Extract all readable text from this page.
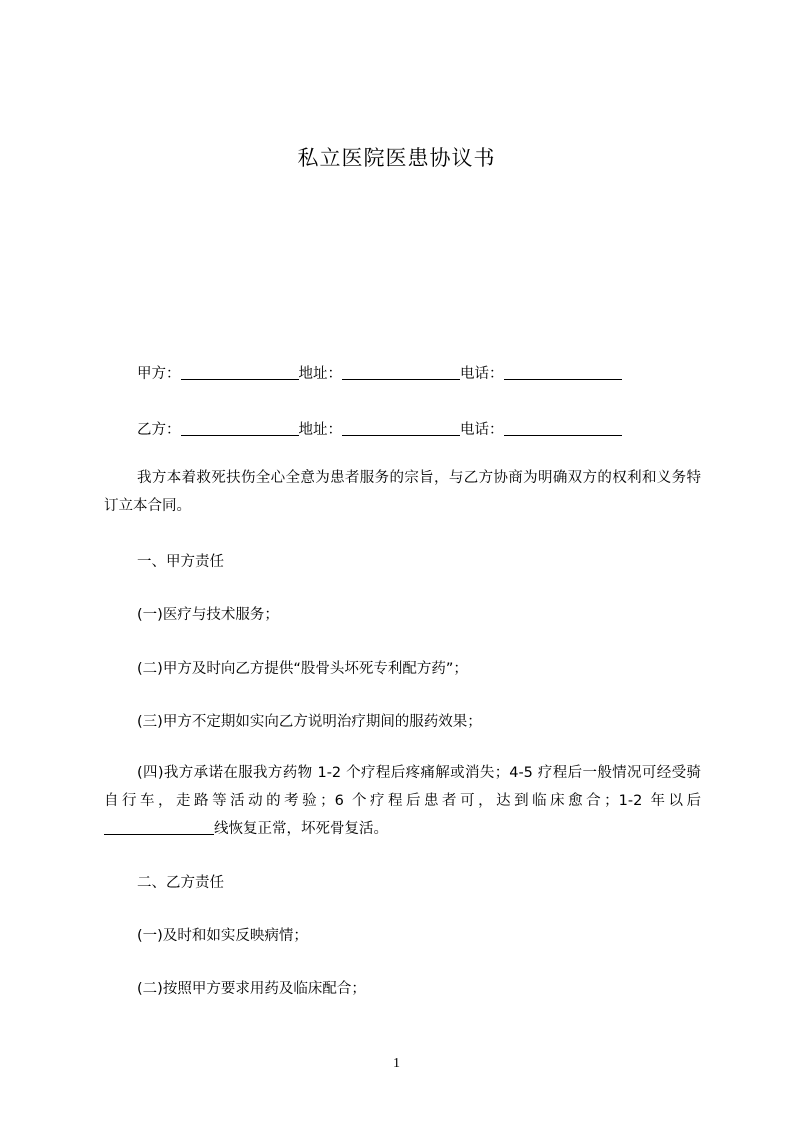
私立医院医患协议书
甲方：	地址：	电话：
乙方：	地址：	电话：
我方本着救死扶伤全心全意为患者服务的宗旨，与乙方协商为明确双方的权利和义务特订立本合同。
一、甲方责任
(一)医疗与技术服务；
(二)甲方及时向乙方提供“股骨头坏死专利配方药”；
(三)甲方不定期如实向乙方说明治疗期间的服药效果；
(四)我方承诺在服我方药物 1-2 个疗程后疼痛解或消失；4-5 疗程后一般情况可经受骑自行车，走路等活动的考验；6 个疗程后患者可，达到临床愈合；1-2 年以后线恢复正常，坏死骨复活。
二、乙方责任
(一)及时和如实反映病情；
(二)按照甲方要求用药及临床配合；
1
